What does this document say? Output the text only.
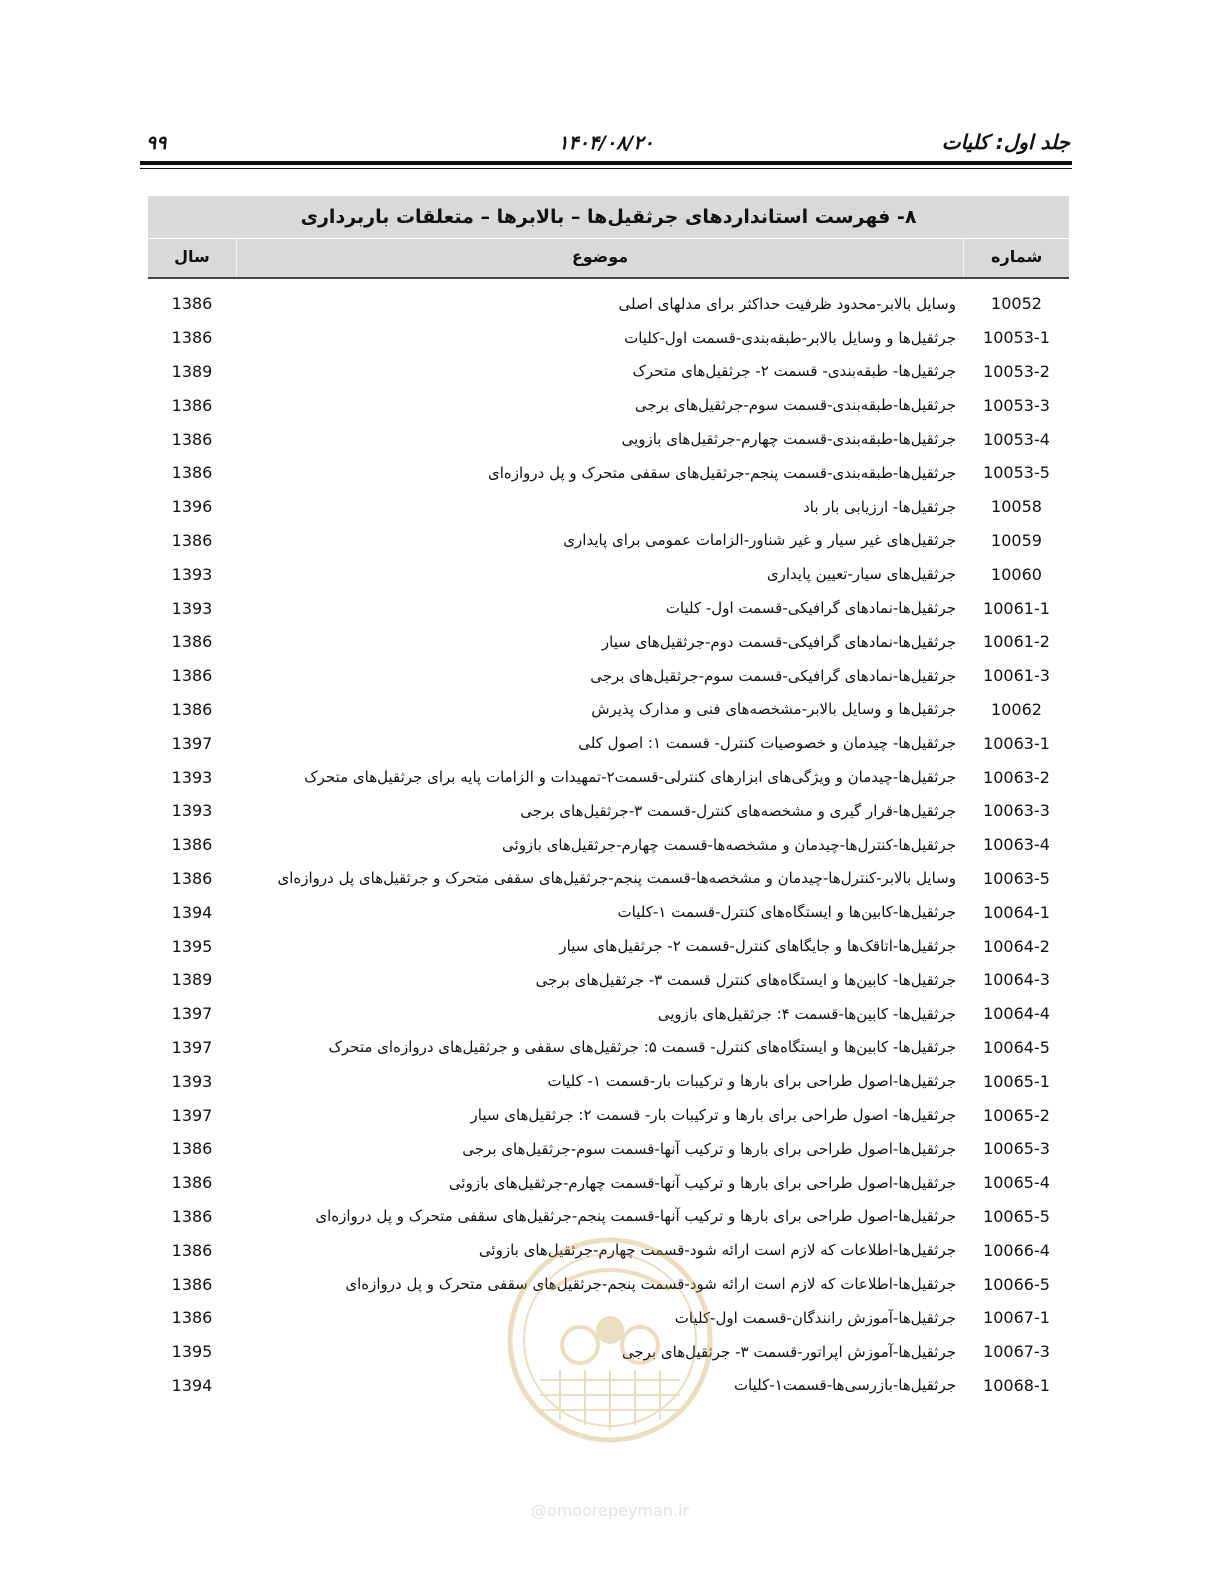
۹۹	۱۴۰۴/۰۸/۲۰	جلد اول: کلیات
۸- فهرست استانداردهای جرثقیل‌ها – بالابرها – متعلقات باربرداری
شماره
موضوع
سال
10052
وسایل بالابر-محدود ظرفیت حداکثر برای مدلهای اصلی
1386
10053-1
جرثقیل‌ها و وسایل بالابر-طبقه‌بندی-قسمت اول-کلیات
1386
10053-2
جرثقیل‌ها- طبقه‌بندی- قسمت ۲- جرثقیل‌های متحرک
1389
10053-3
جرثقیل‌ها-طبقه‌بندی-قسمت سوم-جرثقیل‌های برجی
1386
10053-4
جرثقیل‌ها-طبقه‌بندی-قسمت چهارم-جرثقیل‌های بازویی
1386
10053-5
جرثقیل‌ها-طبقه‌بندی-قسمت پنجم-جرثقیل‌های سقفی متحرک و پل دروازه‌ای
1386
10058
جرثقیل‌ها- ارزیابی بار باد
1396
10059
جرثقیل‌های غیر سیار و غیر شناور-الزامات عمومی برای پایداری
1386
10060
جرثقیل‌های سیار-تعیین پایداری
1393
10061-1
جرثقیل‌ها-نمادهای گرافیکی-قسمت اول- کلیات
1393
10061-2
جرثقیل‌ها-نمادهای گرافیکی-قسمت دوم-جرثقیل‌های سیار
1386
10061-3
جرثقیل‌ها-نمادهای گرافیکی-قسمت سوم-جرثقیل‌های برجی
1386
10062
جرثقیل‌ها و وسایل بالابر-مشخصه‌های فنی و مدارک پذیرش
1386
10063-1
جرثقیل‌ها- چیدمان و خصوصیات کنترل- قسمت ۱: اصول کلی
1397
10063-2
جرثقیل‌ها-چیدمان و ویژگی‌های ابزارهای کنترلی-قسمت۲-تمهیدات و الزامات پایه برای جرثقیل‌های متحرک
1393
10063-3
جرثقیل‌ها-قرار گیری و مشخصه‌های کنترل-قسمت ۳-جرثقیل‌های برجی
1393
10063-4
جرثقیل‌ها-کنترل‌ها-چیدمان و مشخصه‌ها-قسمت چهارم-جرثقیل‌های بازوئی
1386
10063-5
وسایل بالابر-کنترل‌ها-چیدمان و مشخصه‌ها-قسمت پنجم-جرثقیل‌های سقفی متحرک و جرثقیل‌های پل دروازه‌ای
1386
10064-1
جرثقیل‌ها-کابین‌ها و ایستگاه‌های کنترل-قسمت ۱-کلیات
1394
10064-2
جرثقیل‌ها-اتاقک‌ها و جایگاهای کنترل-قسمت ۲- جرثقیل‌های سیار
1395
10064-3
جرثقیل‌ها- کابین‌ها و ایستگاه‌های کنترل قسمت ۳- جرثقیل‌های برجی
1389
10064-4
جرثقیل‌ها- کابین‌ها-قسمت ۴: جرثقیل‌های بازویی
1397
10064-5
جرثقیل‌ها- کابین‌ها و ایستگاه‌های کنترل- قسمت ۵: جرثقیل‌های سقفی و جرثقیل‌های دروازه‌ای متحرک
1397
10065-1
جرثقیل‌ها-اصول طراحی برای بارها و ترکیبات بار-قسمت ۱- کلیات
1393
10065-2
جرثقیل‌ها- اصول طراحی برای بارها و ترکیبات بار- قسمت ۲: جرثقیل‌های سیار
1397
10065-3
جرثقیل‌ها-اصول طراحی برای بارها و ترکیب آنها-قسمت سوم-جرثقیل‌های برجی
1386
10065-4
جرثقیل‌ها-اصول طراحی برای بارها و ترکیب آنها-قسمت چهارم-جرثقیل‌های بازوئی
1386
10065-5
جرثقیل‌ها-اصول طراحی برای بارها و ترکیب آنها-قسمت پنجم-جرثقیل‌های سقفی متحرک و پل دروازه‌ای
1386
10066-4
جرثقیل‌ها-اطلاعات که لازم است ارائه شود-قسمت چهارم-جرثقیل‌های بازوئی
1386
10066-5
جرثقیل‌ها-اطلاعات که لازم است ارائه شود-قسمت پنجم-جرثقیل‌های سقفی متحرک و پل دروازه‌ای
1386
10067-1
جرثقیل‌ها-آموزش رانندگان-قسمت اول-کلیات
1386
10067-3
جرثقیل‌ها-آموزش اپراتور-قسمت ۳- جرثقیل‌های برجی
1395
10068-1
جرثقیل‌ها-بازرسی‌ها-قسمت۱-کلیات
1394
@omoorepeyman.ir
